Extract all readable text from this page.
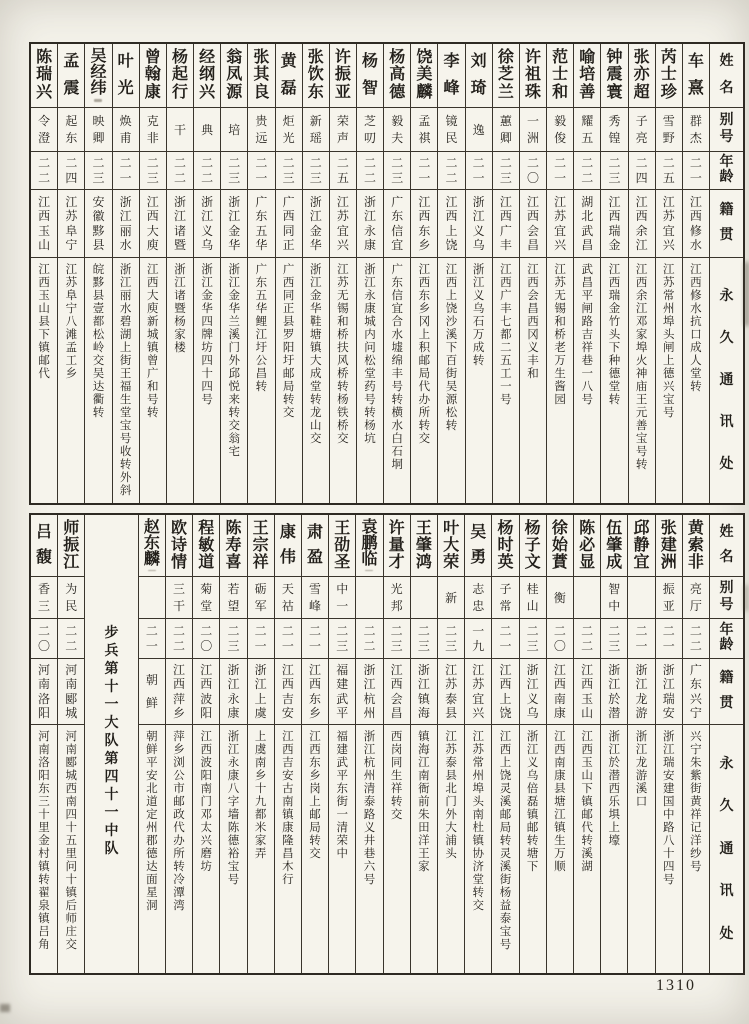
姓
名
别
号
年
龄
籍
贯
永
久
通
讯
处
车
熹
群
杰
二
一
江
西
修
水
江
西
修
水
抗
口
成
人
堂
转
芮
士
珍
雪
野
二
五
江
苏
宜
兴
江
苏
常
州
埠
头
闸
上
德
兴
宝
号
张
亦
超
子
亮
二
四
江
西
余
江
江
西
余
江
邓
家
埠
火
神
庙
王
元
善
宝
号
转
钟
震
寰
秀
锽
二
三
江
西
瑞
金
江
西
瑞
金
竹
头
下
种
德
堂
转
喻
培
善
耀
五
二
二
湖
北
武
昌
武
昌
平
闸
路
吉
祥
巷
一
八
号
范
士
和
毅
俊
二
一
江
苏
宜
兴
江
苏
无
锡
和
桥
老
万
生
酱
园
许
祖
珠
一
洲
二
〇
江
西
会
昌
江
西
会
昌
西
冈
义
丰
和
徐
芝
兰
蕙
卿
二
三
江
西
广
丰
江
西
广
丰
七
都
二
五
工
一
号
刘
琦
逸
二
一
浙
江
义
乌
浙
江
义
乌
石
万
成
转
李
峰
镜
民
二
二
江
西
上
饶
江
西
上
饶
沙
溪
下
百
街
吴
源
松
转
饶
美
麟
孟
祺
二
一
江
西
东
乡
江
西
东
乡
冈
上
积
邮
局
代
办
所
转
交
杨
高
德
毅
夫
二
三
广
东
信
宜
广
东
信
宜
合
水
墟
绵
丰
号
转
横
水
白
石
垌
杨
智
芝
叨
二
二
浙
江
永
康
浙
江
永
康
城
内
问
松
堂
药
号
转
杨
坑
许
振
亚
荣
声
二
五
江
苏
宜
兴
江
苏
无
锡
和
桥
扶
风
桥
转
杨
铁
桥
交
张
饮
东
新
瑶
二
三
浙
江
金
华
浙
江
金
华
鞋
塘
镇
大
成
堂
转
龙
山
交
黄
磊
炬
光
二
三
广
西
同
正
广
西
同
正
县
罗
阳
圩
邮
局
转
交
张
其
良
贵
远
二
一
广
东
五
华
广
东
五
华
鲤
江
圩
公
昌
转
翁
凤
源
培
二
三
浙
江
金
华
浙
江
金
华
兰
溪
门
外
邱
悦
来
转
交
翁
宅
经
纲
兴
典
二
二
浙
江
义
乌
浙
江
金
华
四
牌
坊
四
十
四
号
杨
起
行
干
二
二
浙
江
诸
暨
浙
江
诸
暨
杨
家
楼
曾
翰
康
克
非
二
三
江
西
大
庾
江
西
大
庾
新
城
镇
曾
广
和
号
转
叶
光
焕
甫
二
一
浙
江
丽
水
浙
江
丽
水
碧
湖
上
街
王
福
生
堂
宝
号
收
转
外
斜
吴
经
纬
映
卿
二
三
安
徽
黟
县
皖
黟
县
壹
都
松
岭
交
吴
达
衢
转
孟
震
起
东
二
四
江
苏
阜
宁
江
苏
阜
宁
八
滩
孟
工
乡
陈
瑞
兴
令
澄
二
二
江
西
玉
山
江
西
玉
山
县
下
镇
邮
代
姓
名
别
号
年
龄
籍
贯
永
久
通
讯
处
黄
索
非
亮
厅
二
二
广
东
兴
宁
兴
宁
朱
紫
街
黄
祥
记
洋
纱
号
张
建
洲
振
亚
二
一
浙
江
瑞
安
浙
江
瑞
安
建
国
中
路
八
十
四
号
邱
静
宜
二
一
浙
江
龙
游
浙
江
龙
游
溪
口
伍
肇
成
智
中
二
三
浙
江
於
潜
浙
江
於
潜
西
乐
埧
上
壕
陈
必
显
二
二
江
西
玉
山
江
西
玉
山
下
镇
邮
代
转
溪
湖
徐
始
蕡
衡
二
〇
江
西
南
康
江
西
南
康
县
塘
江
镇
生
万
顺
杨
子
文
桂
山
二
三
浙
江
义
乌
浙
江
义
乌
倍
磊
镇
邮
转
塘
下
杨
时
英
子
常
二
一
江
西
上
饶
江
西
上
饶
灵
溪
邮
局
转
灵
溪
街
杨
益
泰
宝
号
吴
勇
志
忠
一
九
江
苏
宜
兴
江
苏
常
州
埠
头
南
杜
镇
协
济
堂
转
交
叶
大
荣
新
二
三
江
苏
泰
县
江
苏
泰
县
北
门
外
大
浦
头
王
肇
鸿
二
三
浙
江
镇
海
镇
海
江
南
衙
前
朱
田
洋
王
家
许
量
才
光
邦
二
三
江
西
会
昌
西
岗
同
生
祥
转
交
袁
鹏
临
二
二
浙
江
杭
州
浙
江
杭
州
清
泰
路
义
井
巷
六
号
王
劭
圣
中
一
二
三
福
建
武
平
福
建
武
平
东
街
一
清
荣
中
肃
盈
雪
峰
二
一
江
西
东
乡
江
西
东
乡
岗
上
邮
局
转
交
康
伟
天
祜
二
一
江
西
吉
安
江
西
吉
安
古
南
镇
康
隆
昌
木
行
王
宗
祥
砺
军
二
一
浙
江
上
虞
上
虞
南
乡
十
九
都
米
家
弄
陈
寿
喜
若
望
二
三
浙
江
永
康
浙
江
永
康
八
字
墙
陈
德
裕
宝
号
程
敏
道
菊
堂
二
〇
江
西
波
阳
江
西
波
阳
南
门
邓
太
兴
磨
坊
欧
诗
情
三
干
二
二
江
西
萍
乡
萍
乡
浏
公
市
邮
政
代
办
所
转
冷
潭
湾
赵
东
麟
二
一
朝
鲜
朝
鲜
平
安
北
道
定
州
郡
德
达
面
星
洞
步
兵
第
十
一
大
队
第
四
十
一
中
队
师
振
江
为
民
二
二
河
南
郾
城
河
南
郾
城
西
南
四
十
五
里
问
十
镇
后
师
庄
交
吕
馥
香
三
二
〇
河
南
洛
阳
河
南
洛
阳
东
三
十
里
金
村
镇
转
翟
泉
镇
吕
角
1310
